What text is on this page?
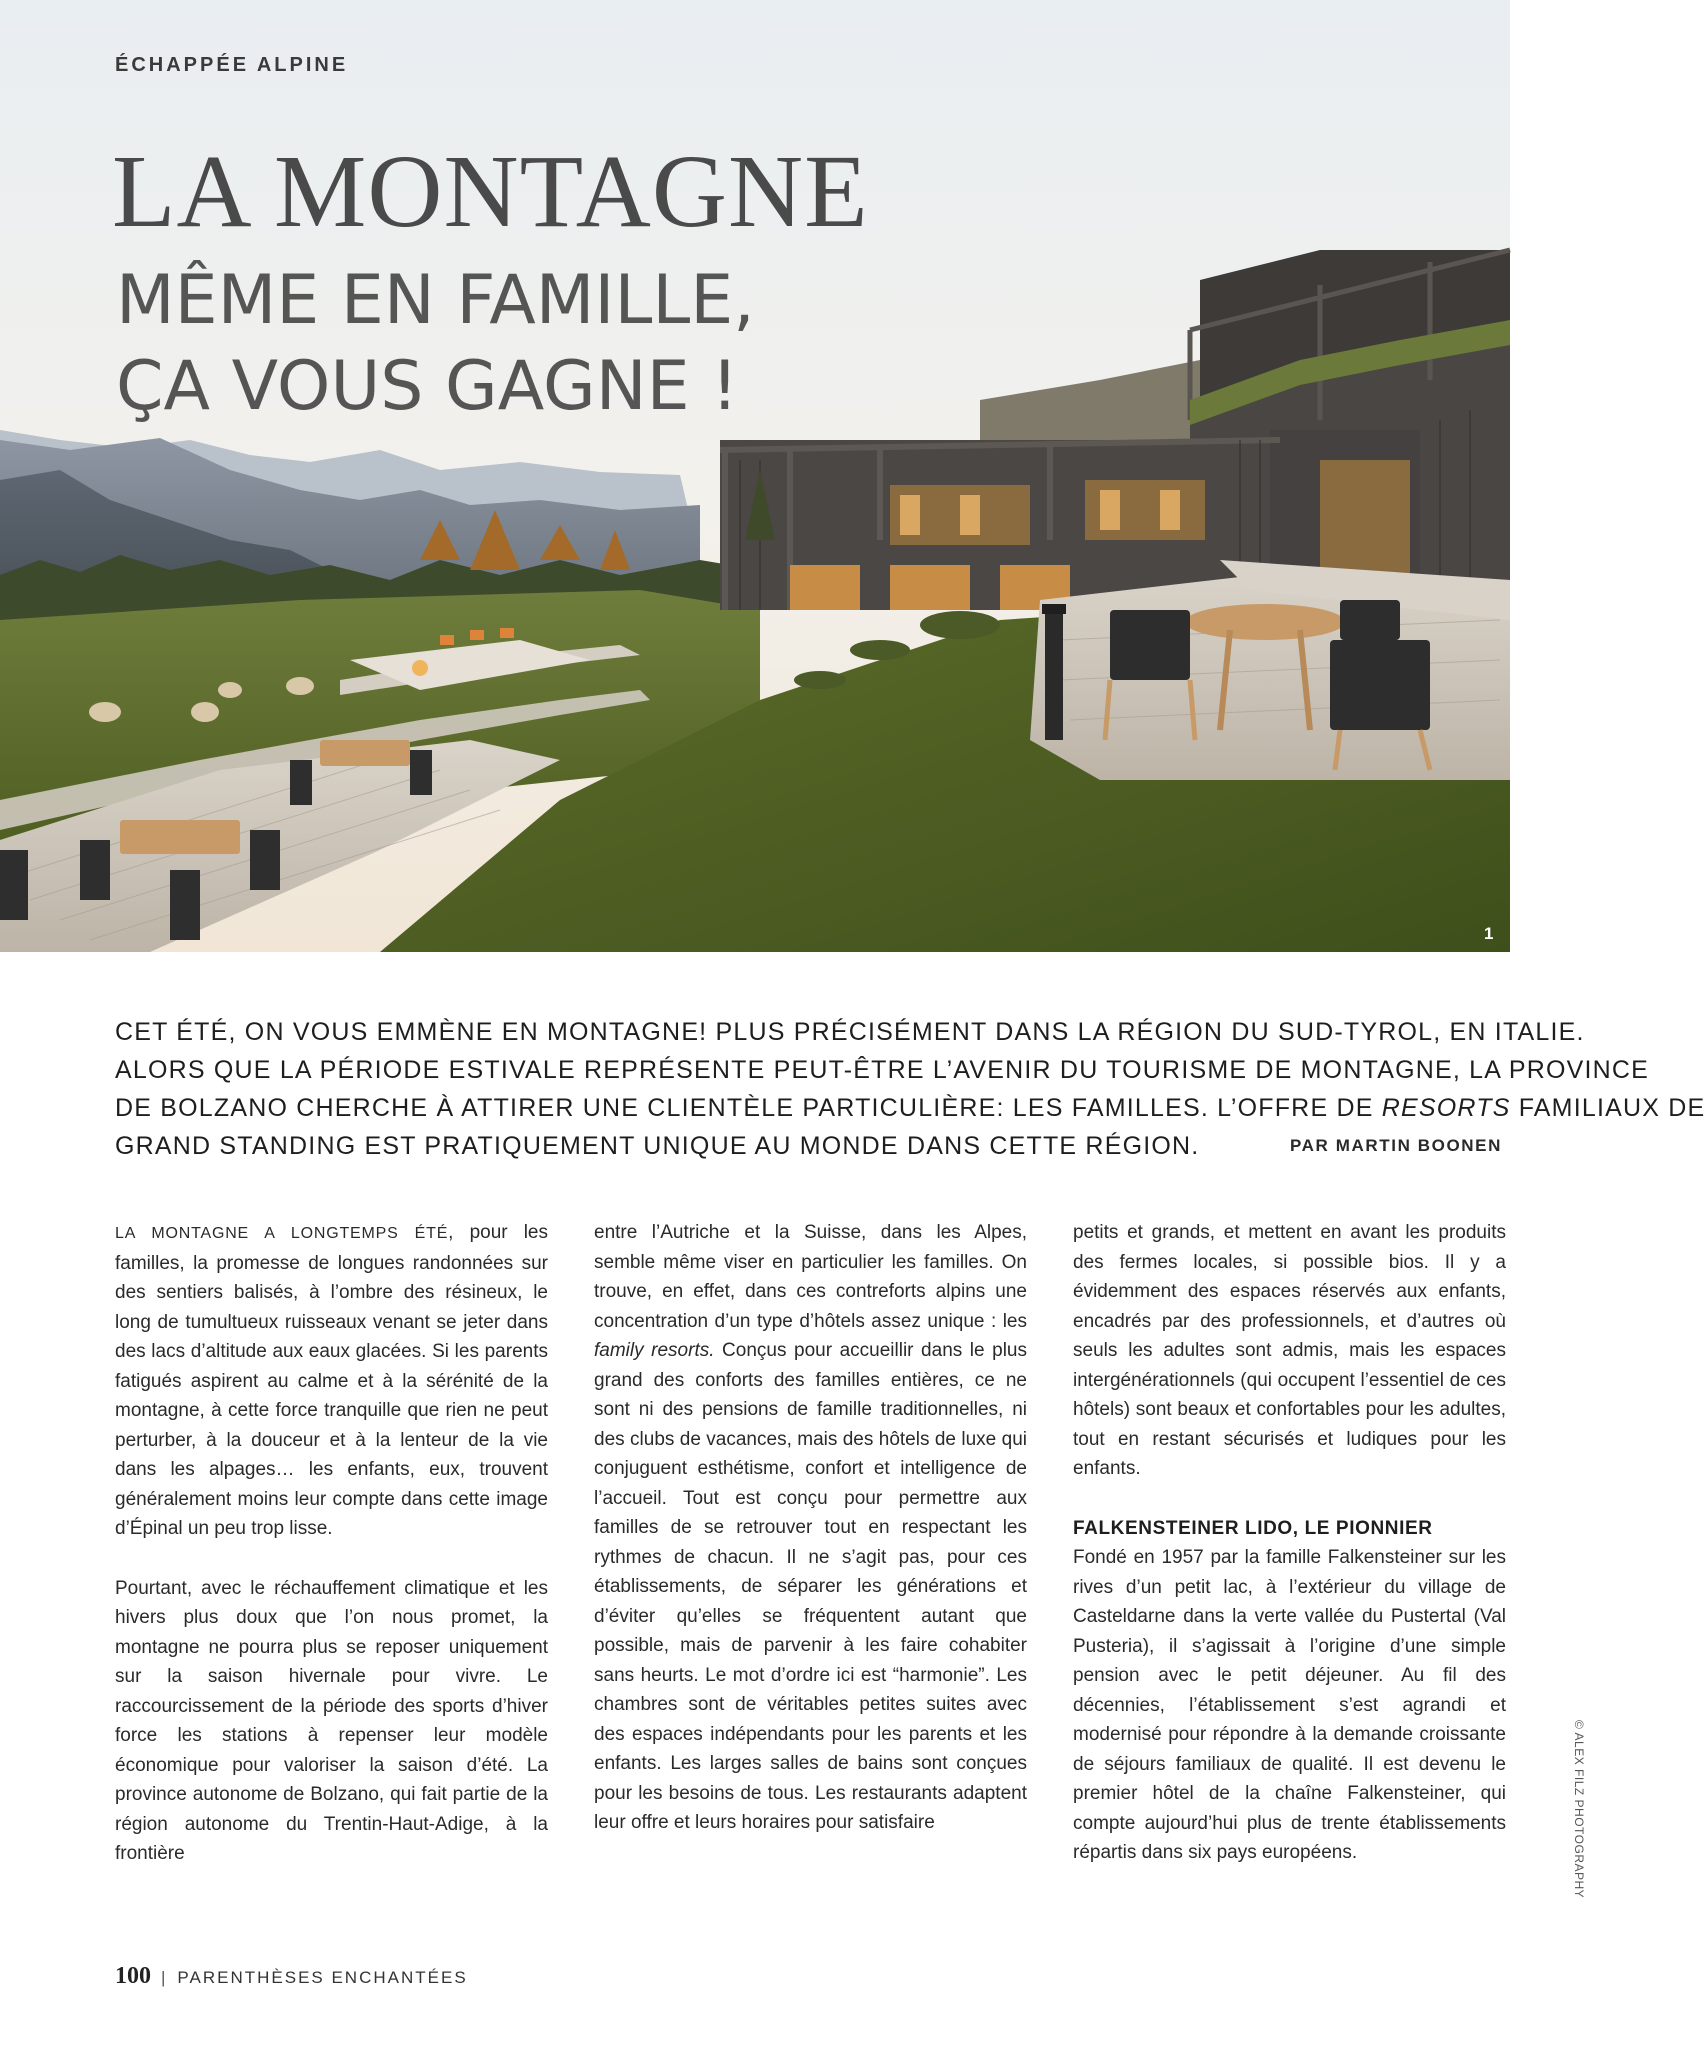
ÉCHAPPÉE ALPINE
LA MONTAGNE
MÊME EN FAMILLE,
ÇA VOUS GAGNE !
1
CET ÉTÉ, ON VOUS EMMÈNE EN MONTAGNE! PLUS PRÉCISÉMENT DANS LA RÉGION DU SUD-TYROL, EN ITALIE.
ALORS QUE LA PÉRIODE ESTIVALE REPRÉSENTE PEUT-ÊTRE L’AVENIR DU TOURISME DE MONTAGNE, LA PROVINCE
DE BOLZANO CHERCHE À ATTIRER UNE CLIENTÈLE PARTICULIÈRE: LES FAMILLES. L’OFFRE DE RESORTS FAMILIAUX DE
GRAND STANDING EST PRATIQUEMENT UNIQUE AU MONDE DANS CETTE RÉGION.	PAR MARTIN BOONEN

LA MONTAGNE A LONGTEMPS ÉTÉ, pour les familles, la promesse de longues randonnées sur des sentiers balisés, à l’ombre des résineux, le long de tumultueux ruisseaux venant se jeter dans des lacs d’altitude aux eaux glacées. Si les parents fatigués aspirent au calme et à la sérénité de la montagne, à cette force tranquille que rien ne peut perturber, à la douceur et à la lenteur de la vie dans les alpages… les enfants, eux, trouvent généralement moins leur compte dans cette image d’Épinal un peu trop lisse.

Pourtant, avec le réchauffement climatique et les hivers plus doux que l’on nous promet, la montagne ne pourra plus se reposer uniquement sur la saison hivernale pour vivre. Le raccourcissement de la période des sports d’hiver force les stations à repenser leur modèle économique pour valoriser la saison d’été. La province autonome de Bolzano, qui fait partie de la région autonome du Trentin-Haut-Adige, à la frontière

entre l’Autriche et la Suisse, dans les Alpes, semble même viser en particulier les familles. On trouve, en effet, dans ces contreforts alpins une concentration d’un type d’hôtels assez unique : les family resorts. Conçus pour accueillir dans le plus grand des conforts des familles entières, ce ne sont ni des pensions de famille traditionnelles, ni des clubs de vacances, mais des hôtels de luxe qui conjuguent esthétisme, confort et intelligence de l’accueil. Tout est conçu pour permettre aux familles de se retrouver tout en respectant les rythmes de chacun. Il ne s’agit pas, pour ces établissements, de séparer les générations et d’éviter qu’elles se fréquentent autant que possible, mais de parvenir à les faire cohabiter sans heurts. Le mot d’ordre ici est “harmonie”. Les chambres sont de véritables petites suites avec des espaces indépendants pour les parents et les enfants. Les larges salles de bains sont conçues pour les besoins de tous. Les restaurants adaptent leur offre et leurs horaires pour satisfaire

petits et grands, et mettent en avant les produits des fermes locales, si possible bios. Il y a évidemment des espaces réservés aux enfants, encadrés par des professionnels, et d’autres où seuls les adultes sont admis, mais les espaces intergénérationnels (qui occupent l’essentiel de ces hôtels) sont beaux et confortables pour les adultes, tout en restant sécurisés et ludiques pour les enfants.

FALKENSTEINER LIDO, LE PIONNIER

Fondé en 1957 par la famille Falkensteiner sur les rives d’un petit lac, à l’extérieur du village de Casteldarne dans la verte vallée du Pustertal (Val Pusteria), il s’agissait à l’origine d’une simple pension avec le petit déjeuner. Au fil des décennies, l’établissement s’est agrandi et modernisé pour répondre à la demande croissante de séjours familiaux de qualité. Il est devenu le premier hôtel de la chaîne Falkensteiner, qui compte aujourd’hui plus de trente établissements répartis dans six pays européens.	© ALEX FILZ PHOTOGRAPHY
100 | PARENTHÈSES ENCHANTÉES
